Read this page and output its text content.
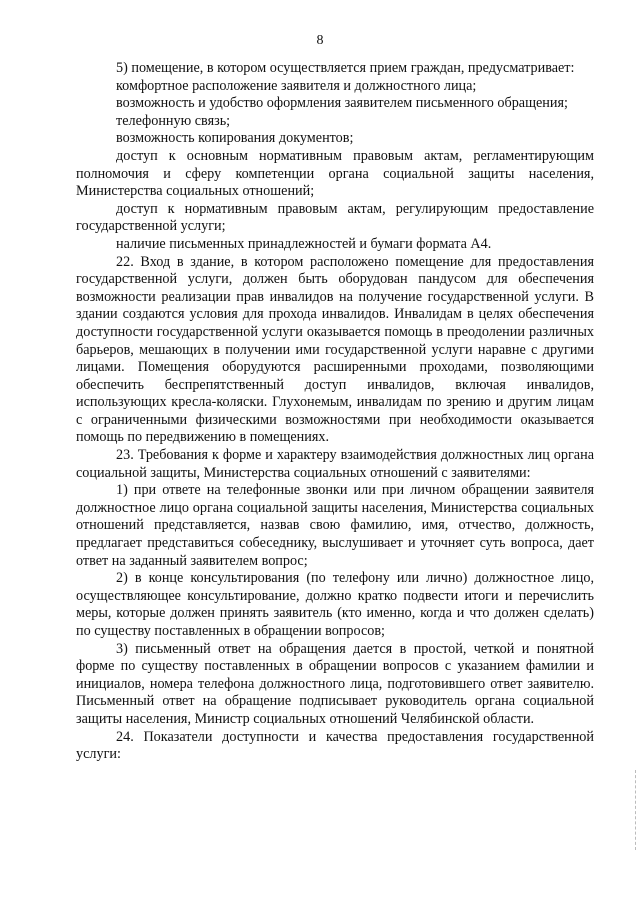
8

5) помещение, в котором осуществляется прием граждан, предусматривает:

комфортное расположение заявителя и должностного лица;

возможность и удобство оформления заявителем письменного обращения;

телефонную связь;

возможность копирования документов;

доступ к основным нормативным правовым актам, регламентирующим полномочия и сферу компетенции органа социальной защиты населения, Министерства социальных отношений;

доступ к нормативным правовым актам, регулирующим предоставление государственной услуги;

наличие письменных принадлежностей и бумаги формата А4.

22. Вход в здание, в котором расположено помещение для предоставления государственной услуги, должен быть оборудован пандусом для обеспечения возможности реализации прав инвалидов на получение государственной услуги. В здании создаются условия для прохода инвалидов. Инвалидам в целях обеспечения доступности государственной услуги оказывается помощь в преодолении различных барьеров, мешающих в получении ими государственной услуги наравне с другими лицами. Помещения оборудуются расширенными проходами, позволяющими обеспечить беспрепятственный доступ инвалидов, включая инвалидов, использующих кресла-коляски. Глухонемым, инвалидам по зрению и другим лицам с ограниченными физическими возможностями при необходимости оказывается помощь по передвижению в помещениях.

23. Требования к форме и характеру взаимодействия должностных лиц органа социальной защиты, Министерства социальных отношений с заявителями:

1) при ответе на телефонные звонки или при личном обращении заявителя должностное лицо органа социальной защиты населения, Министерства социальных отношений представляется, назвав свою фамилию, имя, отчество, должность, предлагает представиться собеседнику, выслушивает и уточняет суть вопроса, дает ответ на заданный заявителем вопрос;

2) в конце консультирования (по телефону или лично) должностное лицо, осуществляющее консультирование, должно кратко подвести итоги и перечислить меры, которые должен принять заявитель (кто именно, когда и что должен сделать) по существу поставленных в обращении вопросов;

3) письменный ответ на обращения дается в простой, четкой и понятной форме по существу поставленных в обращении вопросов с указанием фамилии и инициалов, номера телефона должностного лица, подготовившего ответ заявителю. Письменный ответ на обращение подписывает руководитель органа социальной защиты населения, Министр социальных отношений Челябинской области.

24. Показатели доступности и качества предоставления государственной услуги:
